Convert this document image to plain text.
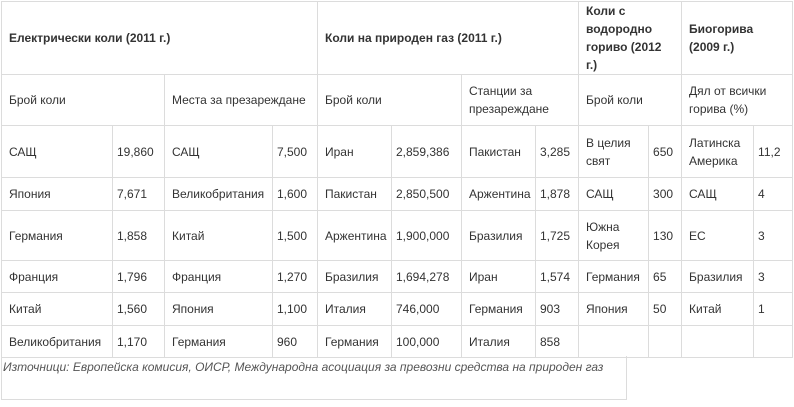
Електрически коли (2011 г.)				Коли на природен газ (2011 г.)				Коли с водородно гориво (2012 г.)		Биогорива (2009 г.)	
Брой коли		Места за презареждане		Брой коли		Станции за презареждане		Брой коли		Дял от всички горива (%)	
САЩ	19,860	САЩ	7,500	Иран	2,859,386	Пакистан	3,285	В целия свят	650	Латинска Америка	11,2
Япония	7,671	Великобритания	1,600	Пакистан	2,850,500	Аржентина	1,878	САЩ	300	САЩ	4
Германия	1,858	Китай	1,500	Аржентина	1,900,000	Бразилия	1,725	Южна Корея	130	ЕС	3
Франция	1,796	Франция	1,270	Бразилия	1,694,278	Иран	1,574	Германия	65	Бразилия	3
Китай	1,560	Япония	1,100	Италия	746,000	Германия	903	Япония	50	Китай	1
Великобритания	1,170	Германия	960	Германия	100,000	Италия	858				
Източници: Европейска комисия, ОИСР, Международна асоциация за превозни средства на природен газ
